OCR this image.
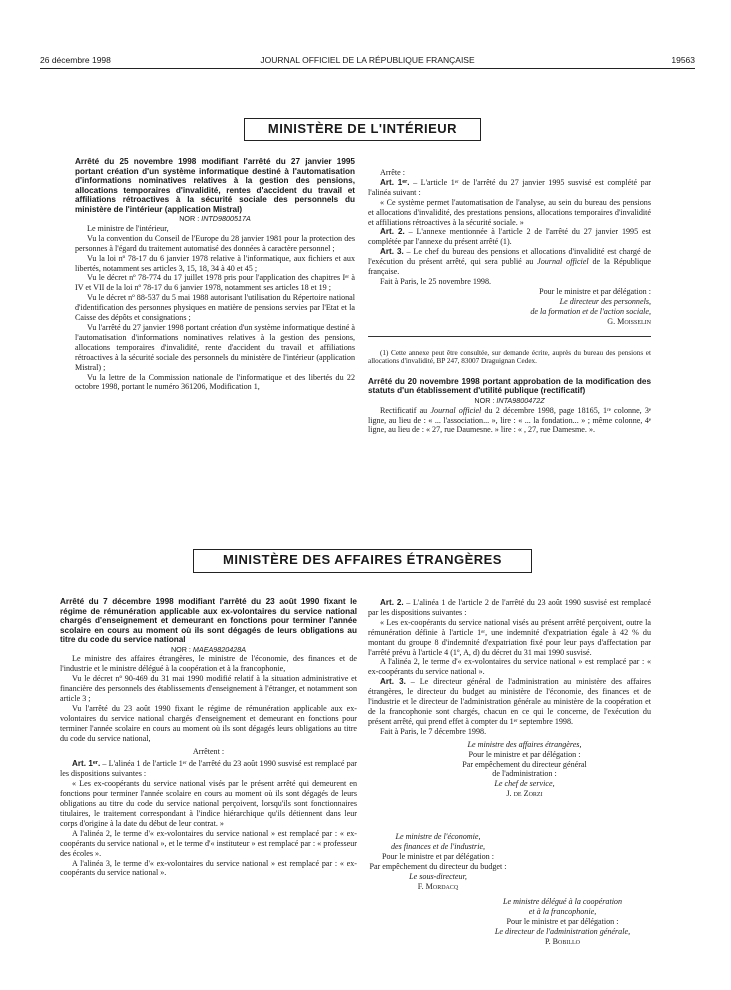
26 décembre 1998	JOURNAL OFFICIEL DE LA RÉPUBLIQUE FRANÇAISE	19563
MINISTÈRE DE L'INTÉRIEUR

Arrêté du 25 novembre 1998 modifiant l'arrêté du 27 janvier 1995 portant création d'un système informatique destiné à l'automatisation d'informations nominatives relatives à la gestion des pensions, allocations temporaires d'invalidité, rentes d'accident du travail et affiliations rétroactives à la sécurité sociale des personnels du ministère de l'intérieur (application Mistral)

NOR : INTD9800517A

Le ministre de l'intérieur,

Vu la convention du Conseil de l'Europe du 28 janvier 1981 pour la protection des personnes à l'égard du traitement automatisé des données à caractère personnel ;

Vu la loi nº 78-17 du 6 janvier 1978 relative à l'informatique, aux fichiers et aux libertés, notamment ses articles 3, 15, 18, 34 à 40 et 45 ;

Vu le décret nº 78-774 du 17 juillet 1978 pris pour l'application des chapitres Iᵉʳ à IV et VII de la loi nº 78-17 du 6 janvier 1978, notamment ses articles 18 et 19 ;

Vu le décret nº 88-537 du 5 mai 1988 autorisant l'utilisation du Répertoire national d'identification des personnes physiques en matière de pensions servies par l'Etat et la Caisse des dépôts et consignations ;

Vu l'arrêté du 27 janvier 1998 portant création d'un système informatique destiné à l'automatisation d'informations nominatives relatives à la gestion des pensions, allocations temporaires d'invalidité, rente d'accident du travail et affiliations rétroactives à la sécurité sociale des personnels du ministère de l'intérieur (application Mistral) ;

Vu la lettre de la Commission nationale de l'informatique et des libertés du 22 octobre 1998, portant le numéro 361206, Modification 1,

Arrête :

Art. 1ᵉʳ. – L'article 1ᵉʳ de l'arrêté du 27 janvier 1995 susvisé est complété par l'alinéa suivant :

« Ce système permet l'automatisation de l'analyse, au sein du bureau des pensions et allocations d'invalidité, des prestations pensions, allocations temporaires d'invalidité et affiliations rétroactives à la sécurité sociale. »

Art. 2. – L'annexe mentionnée à l'article 2 de l'arrêté du 27 janvier 1995 est complétée par l'annexe du présent arrêté (1).

Art. 3. – Le chef du bureau des pensions et allocations d'invalidité est chargé de l'exécution du présent arrêté, qui sera publié au Journal officiel de la République française.

Fait à Paris, le 25 novembre 1998.

Pour le ministre et par délégation :

Le directeur des personnels,

de la formation et de l'action sociale,

G. Moisselin

(1) Cette annexe peut être consultée, sur demande écrite, auprès du bureau des pensions et allocations d'invalidité, BP 247, 83007 Draguignan Cedex.

Arrêté du 20 novembre 1998 portant approbation de la modification des statuts d'un établissement d'utilité publique (rectificatif)

NOR : INTA9800472Z

Rectificatif au Journal officiel du 2 décembre 1998, page 18165, 1ʳᵉ colonne, 3ᵉ ligne, au lieu de : « ... l'association... », lire : « ... la fondation... » ; même colonne, 4ᵉ ligne, au lieu de : « 27, rue Daumesne. » lire : « , 27, rue Damesme. ».

MINISTÈRE DES AFFAIRES ÉTRANGÈRES

Arrêté du 7 décembre 1998 modifiant l'arrêté du 23 août 1990 fixant le régime de rémunération applicable aux ex-volontaires du service national chargés d'enseignement et demeurant en fonctions pour terminer l'année scolaire en cours au moment où ils sont dégagés de leurs obligations au titre du code du service national

NOR : MAEA9820428A

Le ministre des affaires étrangères, le ministre de l'économie, des finances et de l'industrie et le ministre délégué à la coopération et à la francophonie,

Vu le décret nº 90-469 du 31 mai 1990 modifié relatif à la situation administrative et financière des personnels des établissements d'enseignement à l'étranger, et notamment son article 3 ;

Vu l'arrêté du 23 août 1990 fixant le régime de rémunération applicable aux ex-volontaires du service national chargés d'enseignement et demeurant en fonctions pour terminer l'année scolaire en cours au moment où ils sont dégagés leurs obligations au titre du code du service national,

Arrêtent :

Art. 1ᵉʳ. – L'alinéa 1 de l'article 1ᵉʳ de l'arrêté du 23 août 1990 susvisé est remplacé par les dispositions suivantes :

« Les ex-coopérants du service national visés par le présent arrêté qui demeurent en fonctions pour terminer l'année scolaire en cours au moment où ils sont dégagés de leurs obligations au titre du code du service national perçoivent, lorsqu'ils sont fonctionnaires titulaires, le traitement correspondant à l'indice hiérarchique qu'ils détiennent dans leur corps d'origine à la date du début de leur contrat. »

A l'alinéa 2, le terme d'« ex-volontaires du service national » est remplacé par : « ex-coopérants du service national », et le terme d'« instituteur » est remplacé par : « professeur des écoles ».

A l'alinéa 3, le terme d'« ex-volontaires du service national » est remplacé par : « ex-coopérants du service national ».

Art. 2. – L'alinéa 1 de l'article 2 de l'arrêté du 23 août 1990 susvisé est remplacé par les dispositions suivantes :

« Les ex-coopérants du service national visés au présent arrêté perçoivent, outre la rémunération définie à l'article 1ᵉʳ, une indemnité d'expatriation égale à 42 % du montant du groupe 8 d'indemnité d'expatriation fixé pour leur pays d'affectation par l'arrêté prévu à l'article 4 (1º, A, d) du décret du 31 mai 1990 susvisé.

A l'alinéa 2, le terme d'« ex-volontaires du service national » est remplacé par : « ex-coopérants du service national ».

Art. 3. – Le directeur général de l'administration au ministère des affaires étrangères, le directeur du budget au ministère de l'économie, des finances et de l'industrie et le directeur de l'administration générale au ministère de la coopération et de la francophonie sont chargés, chacun en ce qui le concerne, de l'exécution du présent arrêté, qui prend effet à compter du 1ᵉʳ septembre 1998.

Fait à Paris, le 7 décembre 1998.

Le ministre des affaires étrangères,
Pour le ministre et par délégation :
Par empêchement du directeur général
de l'administration :
Le chef de service,
J. de Zorzi
Le ministre de l'économie,
des finances et de l'industrie,
Pour le ministre et par délégation :
Par empêchement du directeur du budget :
Le sous-directeur,
F. Mordacq
Le ministre délégué à la coopération
et à la francophonie,
Pour le ministre et par délégation :
Le directeur de l'administration générale,
P. Bobillo
